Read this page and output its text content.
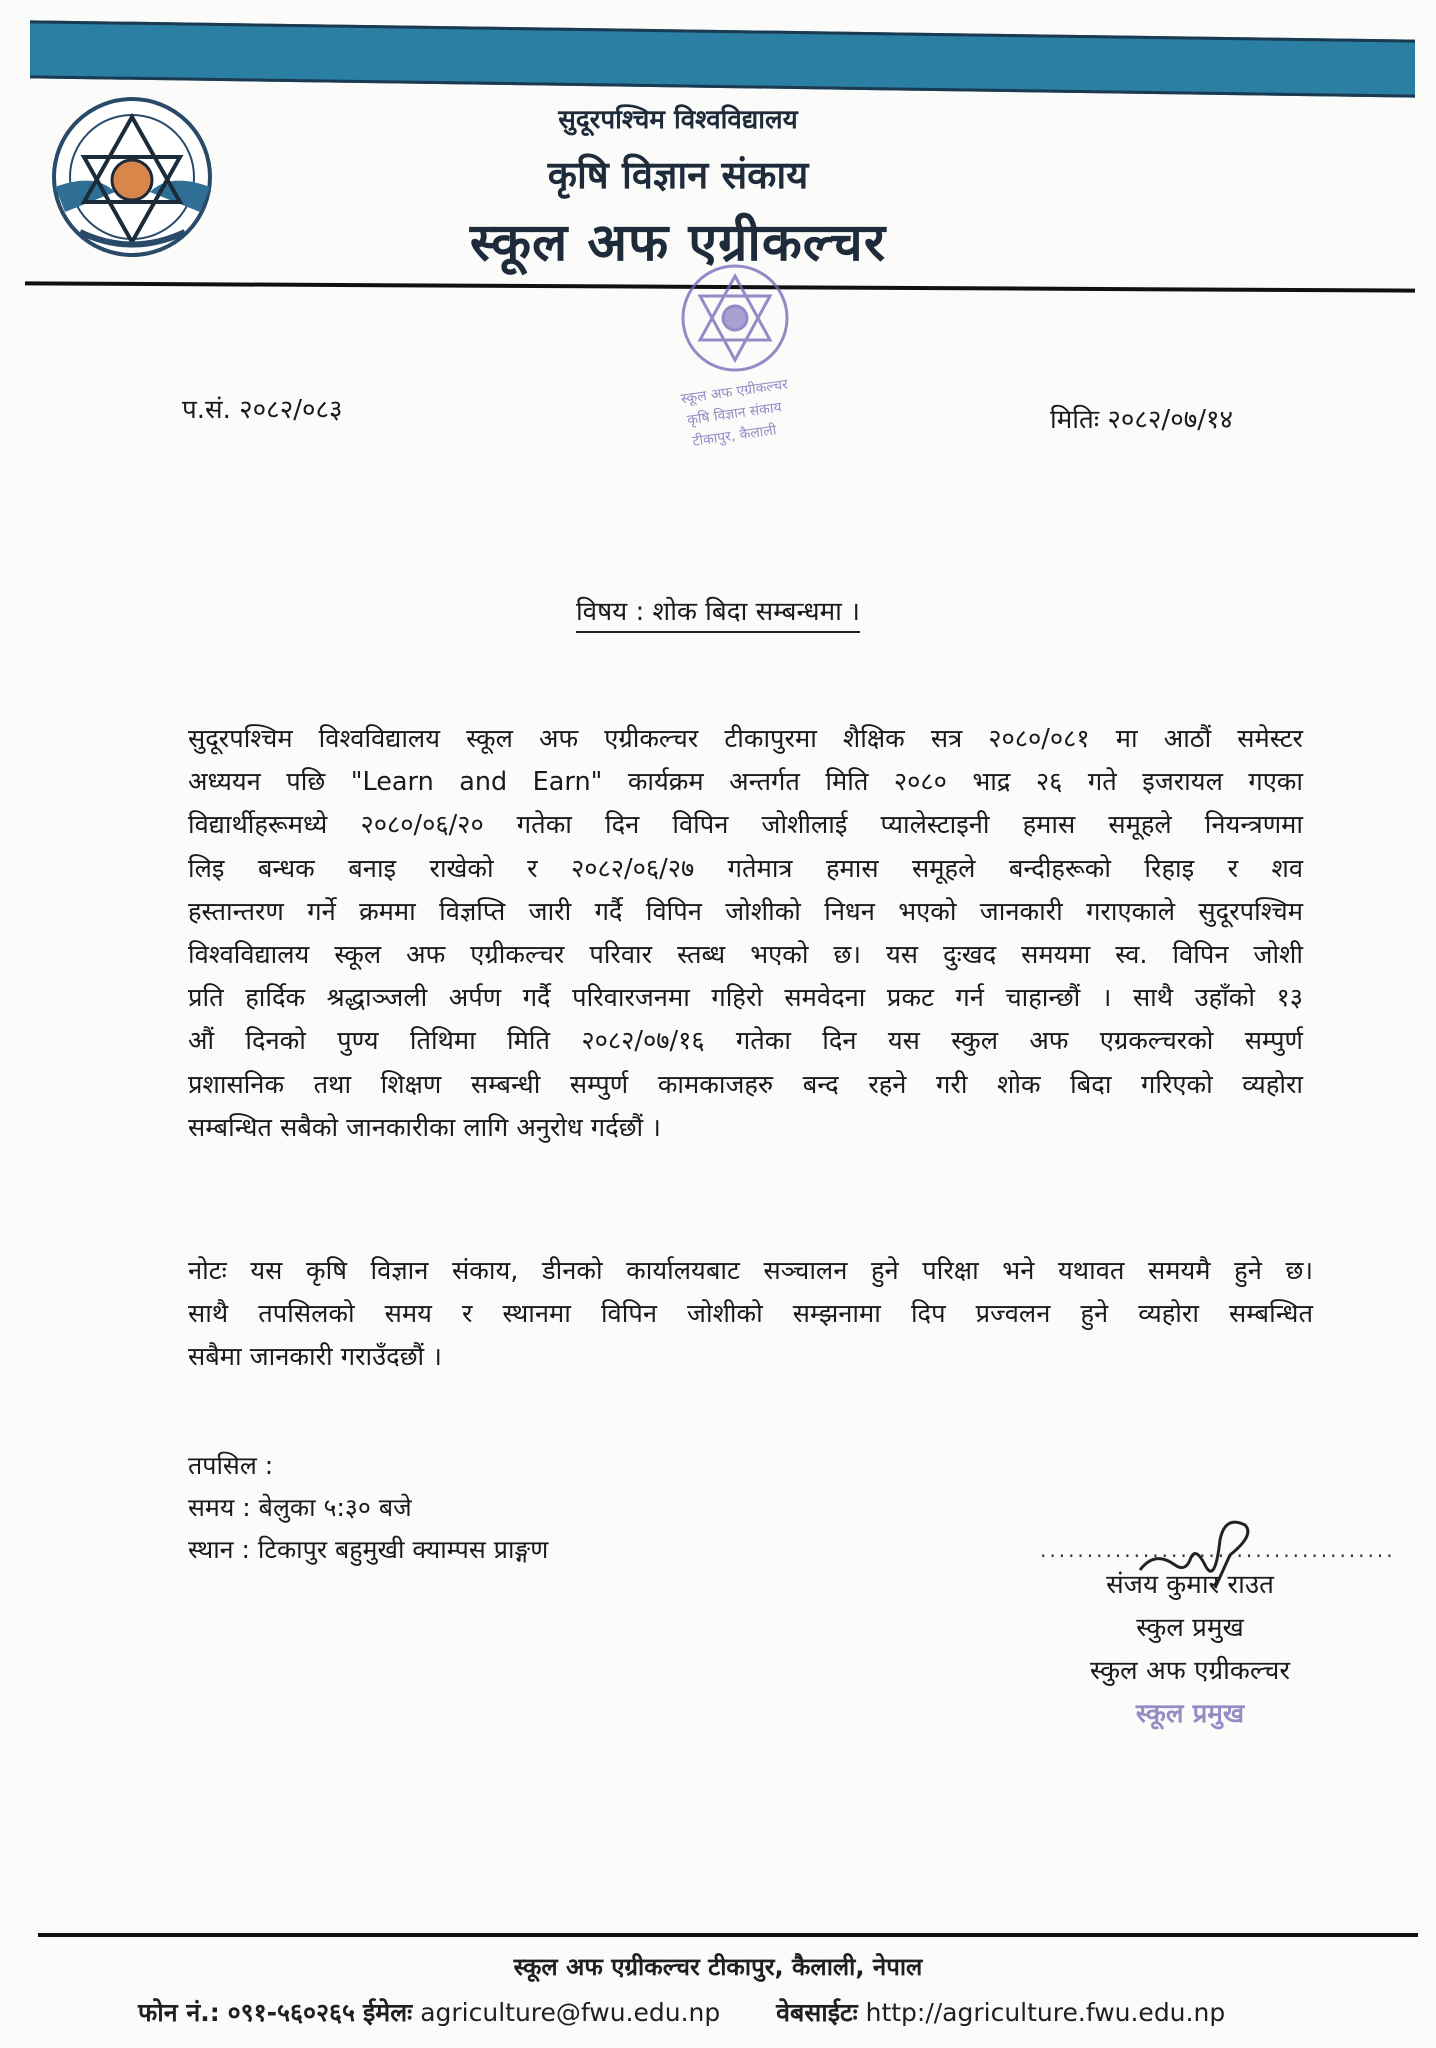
सुदूरपश्चिम विश्वविद्यालय
कृषि विज्ञान संकाय
स्कूल अफ एग्रीकल्चर
स्कूल अफ एग्रीकल्चर
कृषि विज्ञान संकाय
टीकापुर, कैलाली
प.सं. २०८२/०८३	मितिः २०८२/०७/१४
विषय : शोक बिदा सम्बन्धमा ।
सुदूरपश्चिम विश्वविद्यालय स्कूल अफ एग्रीकल्चर टीकापुरमा शैक्षिक सत्र २०८०/०८१ मा आठौं समेस्टर
अध्ययन पछि "Learn and Earn" कार्यक्रम अन्तर्गत मिति २०८० भाद्र २६ गते इजरायल गएका
विद्यार्थीहरूमध्ये २०८०/०६/२० गतेका दिन विपिन जोशीलाई प्यालेस्टाइनी हमास समूहले नियन्त्रणमा
लिइ बन्धक बनाइ राखेको र २०८२/०६/२७ गतेमात्र हमास समूहले बन्दीहरूको रिहाइ र शव
हस्तान्तरण गर्ने क्रममा विज्ञप्ति जारी गर्दै विपिन जोशीको निधन भएको जानकारी गराएकाले सुदूरपश्चिम
विश्वविद्यालय स्कूल अफ एग्रीकल्चर परिवार स्तब्ध भएको छ। यस दुःखद समयमा स्व. विपिन जोशी
प्रति हार्दिक श्रद्धाञ्जली अर्पण गर्दै परिवारजनमा गहिरो समवेदना प्रकट गर्न चाहान्छौं । साथै उहाँको १३
औं दिनको पुण्य तिथिमा मिति २०८२/०७/१६ गतेका दिन यस स्कुल अफ एग्रकल्चरको सम्पुर्ण
प्रशासनिक तथा शिक्षण सम्बन्धी सम्पुर्ण कामकाजहरु बन्द रहने गरी शोक बिदा गरिएको व्यहोरा
सम्बन्धित सबैको जानकारीका लागि अनुरोध गर्दछौं ।
नोटः यस कृषि विज्ञान संकाय, डीनको कार्यालयबाट सञ्चालन हुने परिक्षा भने यथावत समयमै हुने छ।
साथै तपसिलको समय र स्थानमा विपिन जोशीको सम्झनामा दिप प्रज्वलन हुने व्यहोरा सम्बन्धित
सबैमा जानकारी गराउँदछौं ।
तपसिल :
समय : बेलुका ५:३० बजे
स्थान : टिकापुर बहुमुखी क्याम्पस प्राङ्गण	......................................
संजय कुमार राउत
स्कुल प्रमुख
स्कुल अफ एग्रीकल्चर
स्कूल प्रमुख
स्कूल अफ एग्रीकल्चर टीकापुर, कैलाली, नेपाल
फोन नं.: ०९१-५६०२६५ ईमेलः agriculture@fwu.edu.np वेबसाईटः http://agriculture.fwu.edu.np
